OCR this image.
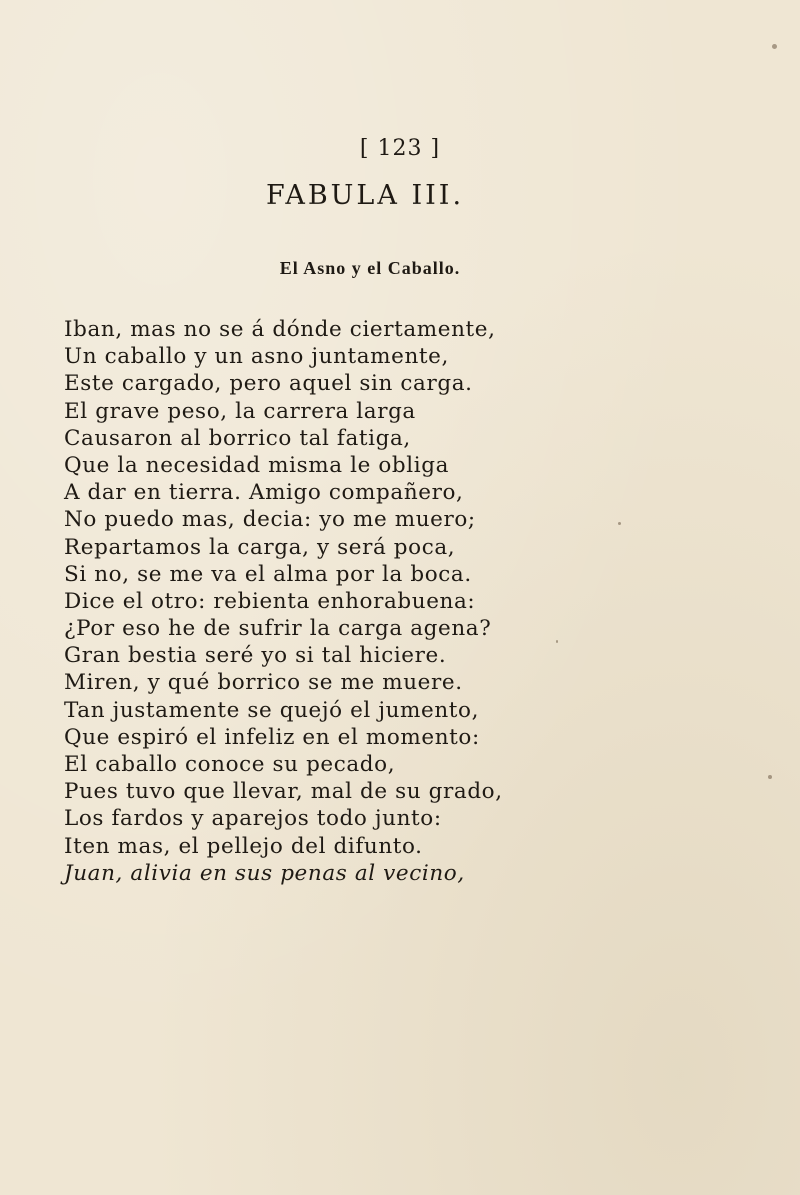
[ 123 ]
FABULA III.
El Asno y el Caballo.
Iban, mas no se á dónde ciertamente,
Un caballo y un asno juntamente,
Este cargado, pero aquel sin carga.
El grave peso, la carrera larga
Causaron al borrico tal fatiga,
Que la necesidad misma le obliga
A dar en tierra. Amigo compañero,
No puedo mas, decia: yo me muero;
Repartamos la carga, y será poca,
Si no, se me va el alma por la boca.
Dice el otro: rebienta enhorabuena:
¿Por eso he de sufrir la carga agena?
Gran bestia seré yo si tal hiciere.
Miren, y qué borrico se me muere.
Tan justamente se quejó el jumento,
Que espiró el infeliz en el momento:
El caballo conoce su pecado,
Pues tuvo que llevar, mal de su grado,
Los fardos y aparejos todo junto:
Iten mas, el pellejo del difunto.
Juan, alivia en sus penas al vecino,
